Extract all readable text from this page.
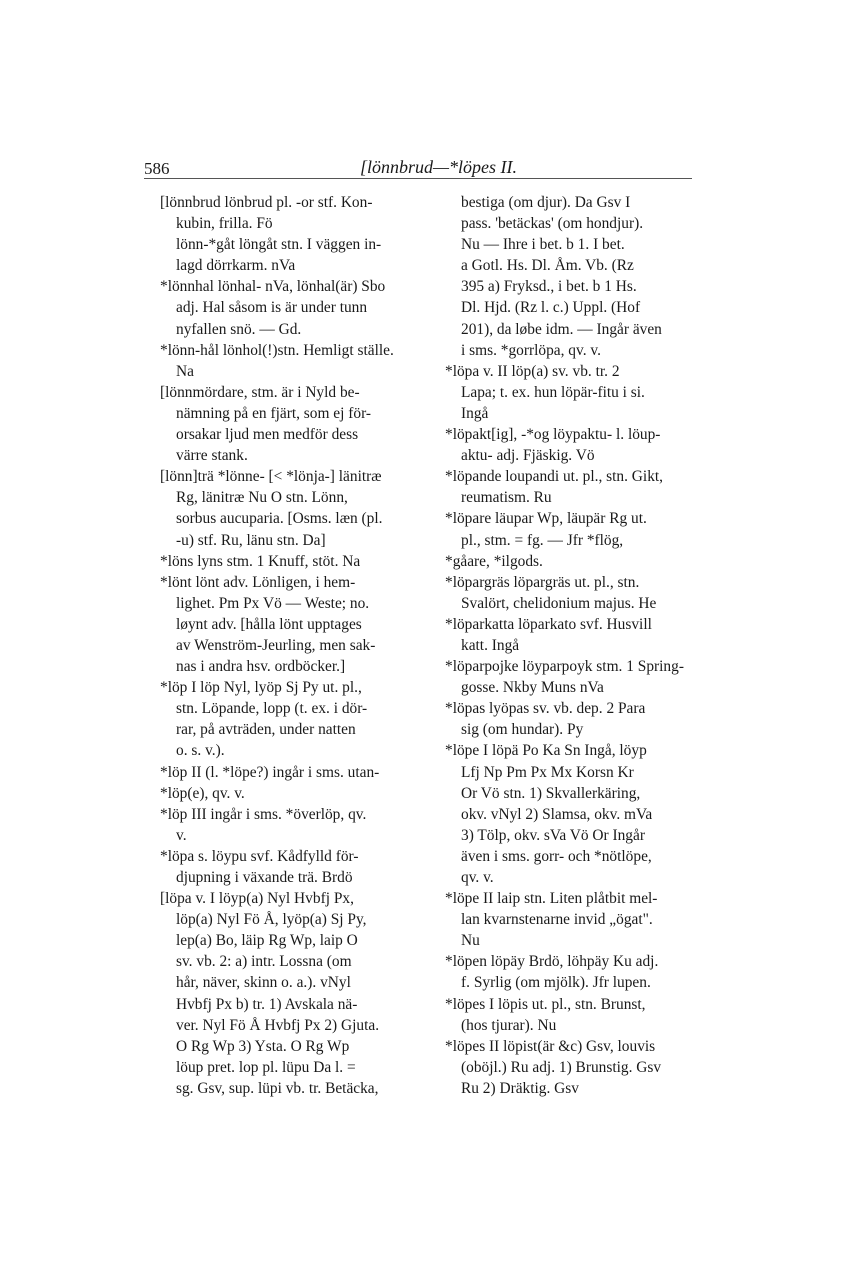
586	[lönnbrud—*löpes II.
[lönnbrud lönbrud pl. -or stf. Kon-
kubin, frilla. Fö
lönn-*gåt löngåt stn. I väggen in-
lagd dörrkarm. nVa
*lönnhal lönhal- nVa, lönhal(är) Sbo
adj. Hal såsom is är under tunn
nyfallen snö. — Gd.
*lönn-hål lönhol(!)stn. Hemligt ställe.
Na
[lönnmördare, stm. är i Nyld be-
nämning på en fjärt, som ej för-
orsakar ljud men medför dess
värre stank.
[lönn]trä *lönne- [< *lönja-] länitræ
Rg, länitræ Nu O stn. Lönn,
sorbus aucuparia. [Osms. læn (pl.
-u) stf. Ru, länu stn. Da]
*löns lyns stm. 1 Knuff, stöt. Na
*lönt lönt adv. Lönligen, i hem-
lighet. Pm Px Vö — Weste; no.
løynt adv. [hålla lönt upptages
av Wenström-Jeurling, men sak-
nas i andra hsv. ordböcker.]
*löp I löp Nyl, lyöp Sj Py ut. pl.,
stn. Löpande, lopp (t. ex. i dör-
rar, på avträden, under natten
o. s. v.).
*löp II (l. *löpe?) ingår i sms. utan-
*löp(e), qv. v.
*löp III ingår i sms. *överlöp, qv.
v.
*löpa s. löypu svf. Kådfylld för-
djupning i växande trä. Brdö
[löpa v. I löyp(a) Nyl Hvbfj Px,
löp(a) Nyl Fö Å, lyöp(a) Sj Py,
lep(a) Bo, läip Rg Wp, laip O
sv. vb. 2: a) intr. Lossna (om
hår, näver, skinn o. a.). vNyl
Hvbfj Px b) tr. 1) Avskala nä-
ver. Nyl Fö Å Hvbfj Px 2) Gjuta.
O Rg Wp 3) Ysta. O Rg Wp
löup pret. lop pl. lüpu Da l. =
sg. Gsv, sup. lüpi vb. tr. Betäcka,
bestiga (om djur). Da Gsv I
pass. 'betäckas' (om hondjur).
Nu — Ihre i bet. b 1. I bet.
a Gotl. Hs. Dl. Åm. Vb. (Rz
395 a) Fryksd., i bet. b 1 Hs.
Dl. Hjd. (Rz l. c.) Uppl. (Hof
201), da løbe idm. — Ingår även
i sms. *gorrlöpa, qv. v.
*löpa v. II löp(a) sv. vb. tr. 2
Lapa; t. ex. hun löpär-fitu i si.
Ingå
*löpakt[ig], -*og löypaktu- l. löup-
aktu- adj. Fjäskig. Vö
*löpande loupandi ut. pl., stn. Gikt,
reumatism. Ru
*löpare läupar Wp, läupär Rg ut.
pl., stm. = fg. — Jfr *flög,
*gåare, *ilgods.
*löpargräs löpargräs ut. pl., stn.
Svalört, chelidonium majus. He
*löparkatta löparkato svf. Husvill
katt. Ingå
*löparpojke löyparpoyk stm. 1 Spring-
gosse. Nkby Muns nVa
*löpas lyöpas sv. vb. dep. 2 Para
sig (om hundar). Py
*löpe I löpä Po Ka Sn Ingå, löyp
Lfj Np Pm Px Mx Korsn Kr
Or Vö stn. 1) Skvallerkäring,
okv. vNyl 2) Slamsa, okv. mVa
3) Tölp, okv. sVa Vö Or Ingår
även i sms. gorr- och *nötlöpe,
qv. v.
*löpe II laip stn. Liten plåtbit mel-
lan kvarnstenarne invid „ögat".
Nu
*löpen löpäy Brdö, löhpäy Ku adj.
f. Syrlig (om mjölk). Jfr lupen.
*löpes I löpis ut. pl., stn. Brunst,
(hos tjurar). Nu
*löpes II löpist(är &c) Gsv, louvis
(oböjl.) Ru adj. 1) Brunstig. Gsv
Ru 2) Dräktig. Gsv
